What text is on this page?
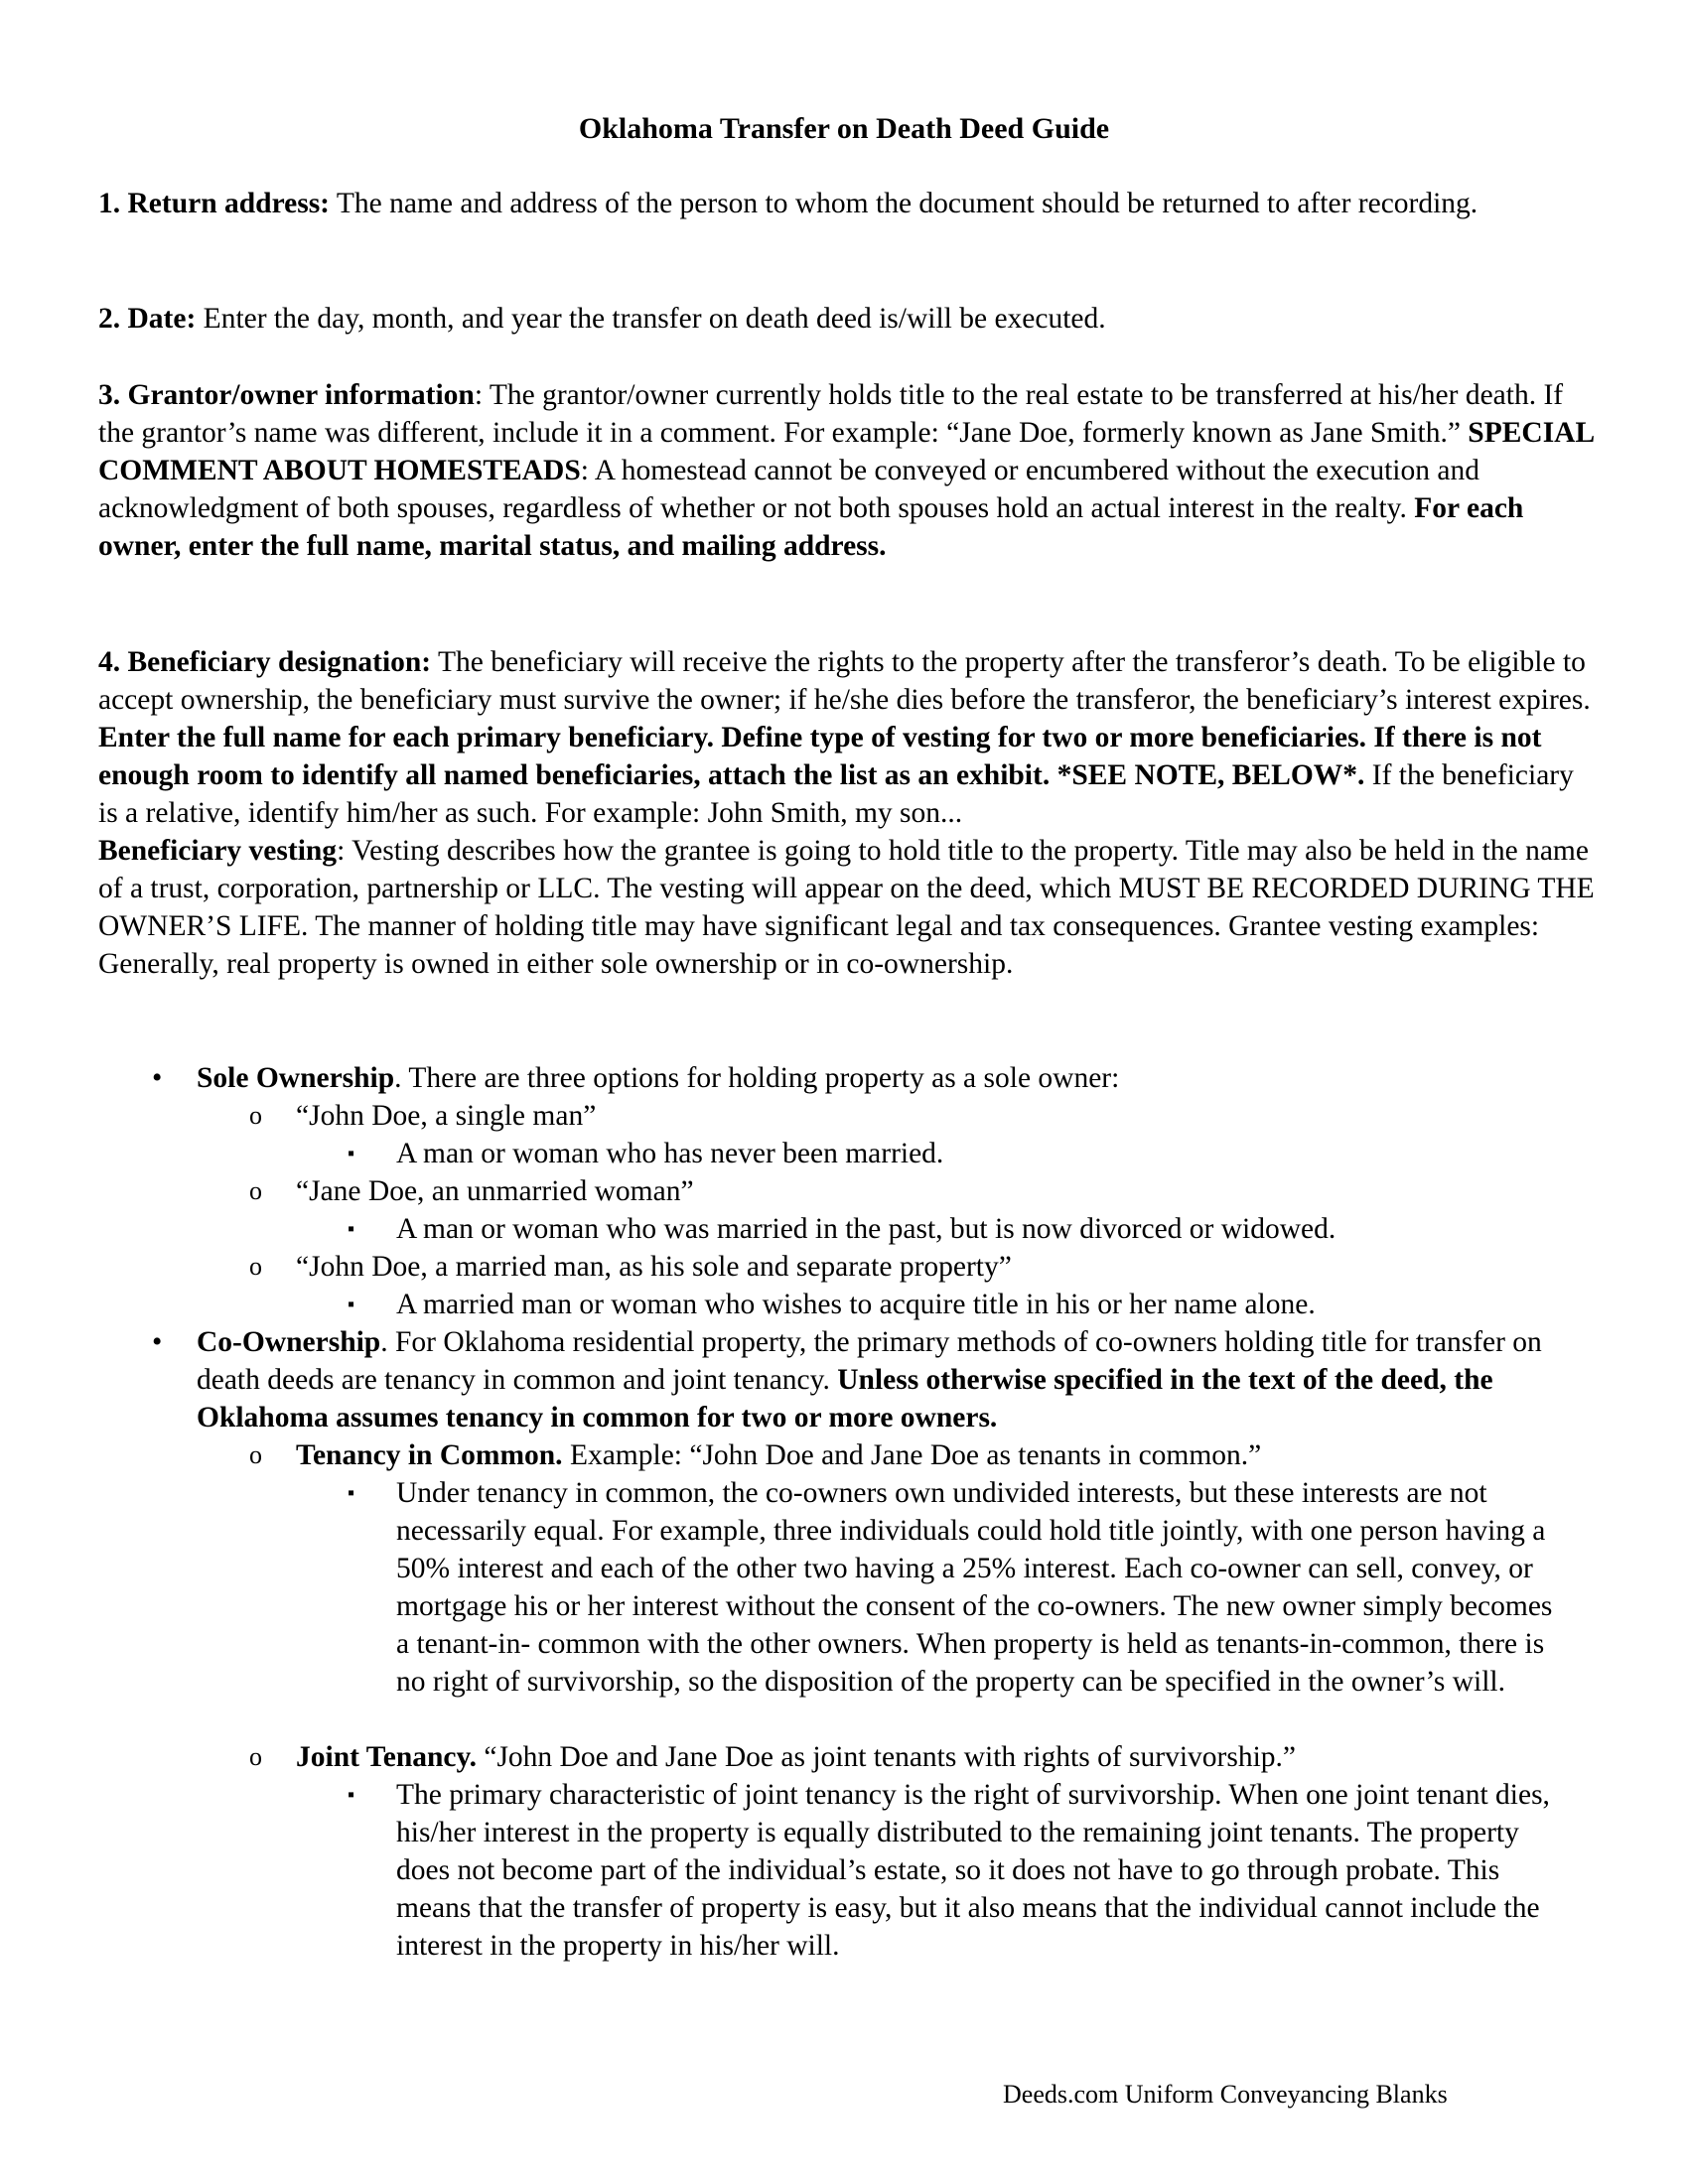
Oklahoma Transfer on Death Deed Guide

1. Return address: The name and address of the person to whom the document should be returned to after recording.

2. Date: Enter the day, month, and year the transfer on death deed is/will be executed.

3. Grantor/owner information: The grantor/owner currently holds title to the real estate to be transferred at his/her death. If the grantor’s name was different, include it in a comment. For example: “Jane Doe, formerly known as Jane Smith.” SPECIAL COMMENT ABOUT HOMESTEADS: A homestead cannot be conveyed or encumbered without the execution and acknowledgment of both spouses, regardless of whether or not both spouses hold an actual interest in the realty. For each owner, enter the full name, marital status, and mailing address.

4. Beneficiary designation: The beneficiary will receive the rights to the property after the transferor’s death. To be eligible to accept ownership, the beneficiary must survive the owner; if he/she dies before the transferor, the beneficiary’s interest expires. Enter the full name for each primary beneficiary. Define type of vesting for two or more beneficiaries. If there is not enough room to identify all named beneficiaries, attach the list as an exhibit. *SEE NOTE, BELOW*. If the beneficiary is a relative, identify him/her as such. For example: John Smith, my son...

Beneficiary vesting: Vesting describes how the grantee is going to hold title to the property. Title may also be held in the name of a trust, corporation, partnership or LLC. The vesting will appear on the deed, which MUST BE RECORDED DURING THE OWNER’S LIFE. The manner of holding title may have significant legal and tax consequences. Grantee vesting examples:

Generally, real property is owned in either sole ownership or in co-ownership.

• Sole Ownership. There are three options for holding property as a sole owner:
o “John Doe, a single man”
▪ A man or woman who has never been married.
o “Jane Doe, an unmarried woman”
▪ A man or woman who was married in the past, but is now divorced or widowed.
o “John Doe, a married man, as his sole and separate property”
▪ A married man or woman who wishes to acquire title in his or her name alone.
• Co-Ownership. For Oklahoma residential property, the primary methods of co-owners holding title for transfer on death deeds are tenancy in common and joint tenancy. Unless otherwise specified in the text of the deed, the Oklahoma assumes tenancy in common for two or more owners.
o Tenancy in Common. Example: “John Doe and Jane Doe as tenants in common.”
▪ Under tenancy in common, the co-owners own undivided interests, but these interests are not necessarily equal. For example, three individuals could hold title jointly, with one person having a 50% interest and each of the other two having a 25% interest. Each co-owner can sell, convey, or mortgage his or her interest without the consent of the co-owners. The new owner simply becomes a tenant-in- common with the other owners. When property is held as tenants-in-common, there is no right of survivorship, so the disposition of the property can be specified in the owner’s will.
o Joint Tenancy. “John Doe and Jane Doe as joint tenants with rights of survivorship.”
▪ The primary characteristic of joint tenancy is the right of survivorship. When one joint tenant dies, his/her interest in the property is equally distributed to the remaining joint tenants. The property does not become part of the individual’s estate, so it does not have to go through probate. This means that the transfer of property is easy, but it also means that the individual cannot include the interest in the property in his/her will.
Deeds.com Uniform Conveyancing Blanks
